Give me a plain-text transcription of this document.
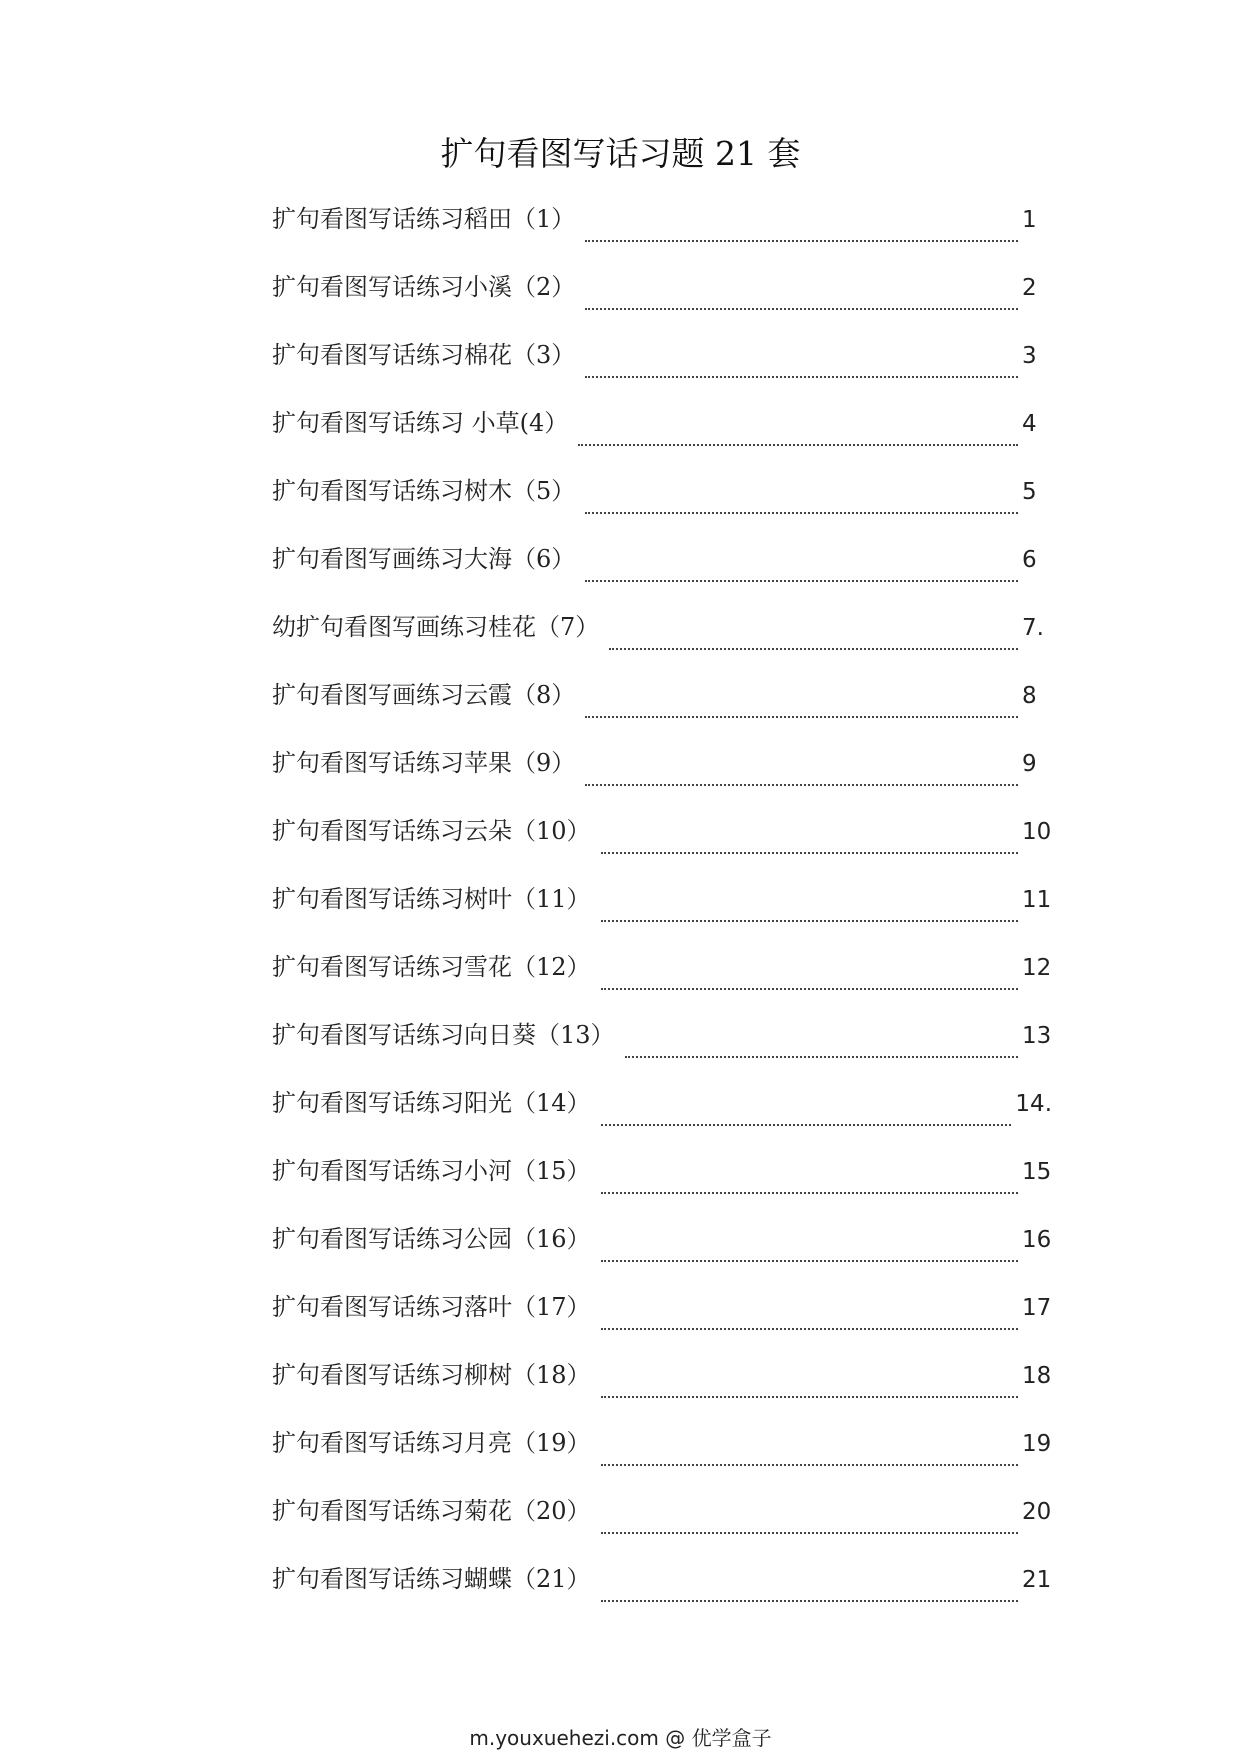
扩句看图写话习题 21 套
扩句看图写话练习稻田（1）	1
扩句看图写话练习小溪（2）	2
扩句看图写话练习棉花（3）	3
扩句看图写话练习 小草(4）	4
扩句看图写话练习树木（5）	5
扩句看图写画练习大海（6）	6
幼扩句看图写画练习桂花（7）	7.
扩句看图写画练习云霞（8）	8
扩句看图写话练习苹果（9）	9
扩句看图写话练习云朵（10）	10
扩句看图写话练习树叶（11）	11
扩句看图写话练习雪花（12）	12
扩句看图写话练习向日葵（13）	13
扩句看图写话练习阳光（14）	14.
扩句看图写话练习小河（15）	15
扩句看图写话练习公园（16）	16
扩句看图写话练习落叶（17）	17
扩句看图写话练习柳树（18）	18
扩句看图写话练习月亮（19）	19
扩句看图写话练习菊花（20）	20
扩句看图写话练习蝴蝶（21）	21
m.youxuehezi.com @ 优学盒子
